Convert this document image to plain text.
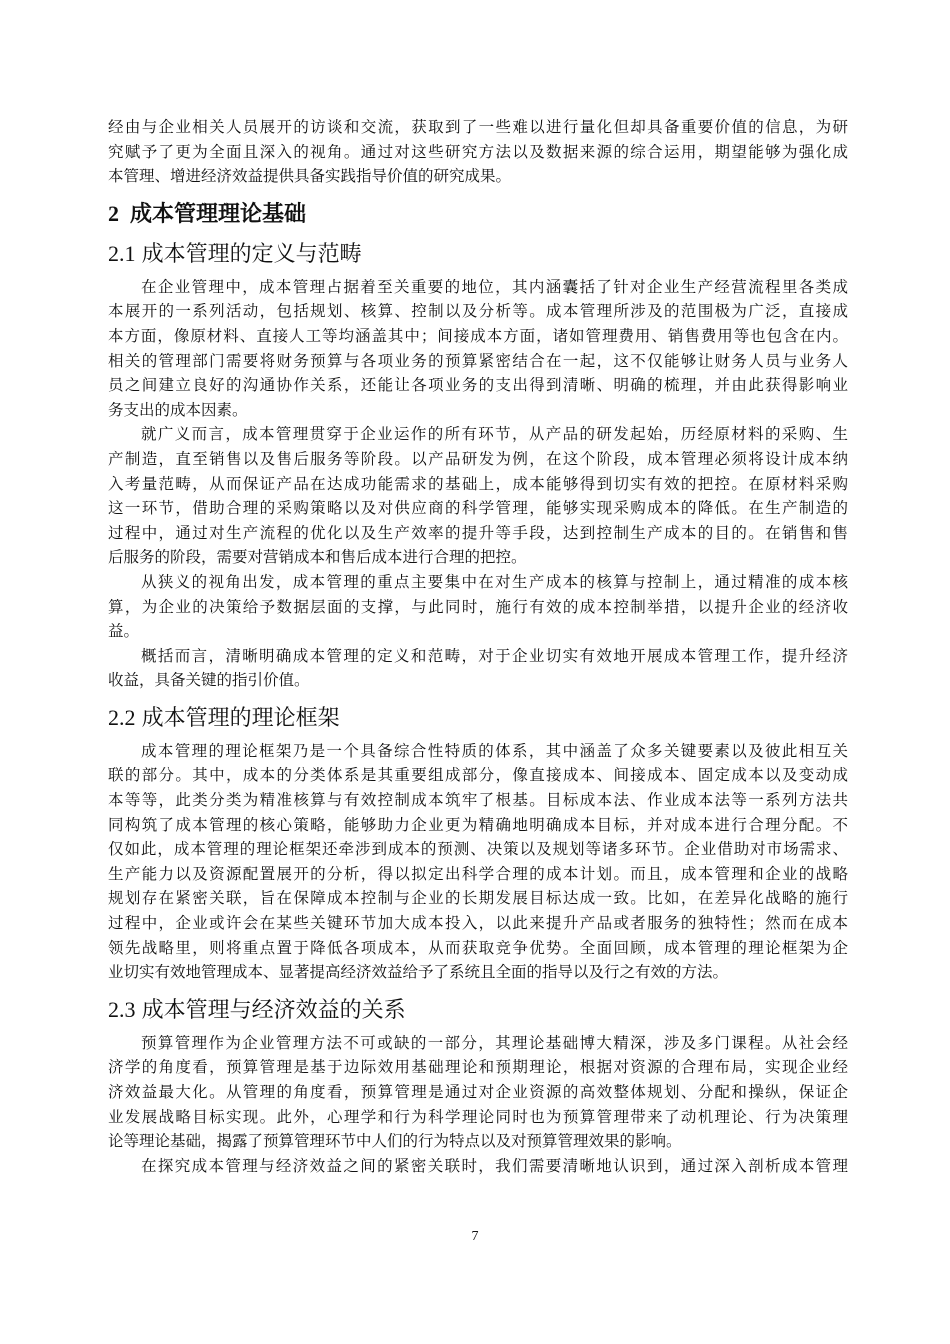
经由与企业相关人员展开的访谈和交流，获取到了一些难以进行量化但却具备重要价值的信息，为研
究赋予了更为全面且深入的视角。通过对这些研究方法以及数据来源的综合运用，期望能够为强化成
本管理、增进经济效益提供具备实践指导价值的研究成果。
2 成本管理理论基础
2.1 成本管理的定义与范畴
在企业管理中，成本管理占据着至关重要的地位，其内涵囊括了针对企业生产经营流程里各类成
本展开的一系列活动，包括规划、核算、控制以及分析等。成本管理所涉及的范围极为广泛，直接成
本方面，像原材料、直接人工等均涵盖其中；间接成本方面，诸如管理费用、销售费用等也包含在内。
相关的管理部门需要将财务预算与各项业务的预算紧密结合在一起，这不仅能够让财务人员与业务人
员之间建立良好的沟通协作关系，还能让各项业务的支出得到清晰、明确的梳理，并由此获得影响业
务支出的成本因素。
就广义而言，成本管理贯穿于企业运作的所有环节，从产品的研发起始，历经原材料的采购、生
产制造，直至销售以及售后服务等阶段。以产品研发为例，在这个阶段，成本管理必须将设计成本纳
入考量范畴，从而保证产品在达成功能需求的基础上，成本能够得到切实有效的把控。在原材料采购
这一环节，借助合理的采购策略以及对供应商的科学管理，能够实现采购成本的降低。在生产制造的
过程中，通过对生产流程的优化以及生产效率的提升等手段，达到控制生产成本的目的。在销售和售
后服务的阶段，需要对营销成本和售后成本进行合理的把控。
从狭义的视角出发，成本管理的重点主要集中在对生产成本的核算与控制上，通过精准的成本核
算，为企业的决策给予数据层面的支撑，与此同时，施行有效的成本控制举措，以提升企业的经济收
益。
概括而言，清晰明确成本管理的定义和范畴，对于企业切实有效地开展成本管理工作，提升经济
收益，具备关键的指引价值。
2.2 成本管理的理论框架
成本管理的理论框架乃是一个具备综合性特质的体系，其中涵盖了众多关键要素以及彼此相互关
联的部分。其中，成本的分类体系是其重要组成部分，像直接成本、间接成本、固定成本以及变动成
本等等，此类分类为精准核算与有效控制成本筑牢了根基。目标成本法、作业成本法等一系列方法共
同构筑了成本管理的核心策略，能够助力企业更为精确地明确成本目标，并对成本进行合理分配。不
仅如此，成本管理的理论框架还牵涉到成本的预测、决策以及规划等诸多环节。企业借助对市场需求、
生产能力以及资源配置展开的分析，得以拟定出科学合理的成本计划。而且，成本管理和企业的战略
规划存在紧密关联，旨在保障成本控制与企业的长期发展目标达成一致。比如，在差异化战略的施行
过程中，企业或许会在某些关键环节加大成本投入，以此来提升产品或者服务的独特性；然而在成本
领先战略里，则将重点置于降低各项成本，从而获取竞争优势。全面回顾，成本管理的理论框架为企
业切实有效地管理成本、显著提高经济效益给予了系统且全面的指导以及行之有效的方法。
2.3 成本管理与经济效益的关系
预算管理作为企业管理方法不可或缺的一部分，其理论基础博大精深，涉及多门课程。从社会经
济学的角度看，预算管理是基于边际效用基础理论和预期理论，根据对资源的合理布局，实现企业经
济效益最大化。从管理的角度看，预算管理是通过对企业资源的高效整体规划、分配和操纵，保证企
业发展战略目标实现。此外，心理学和行为科学理论同时也为预算管理带来了动机理论、行为决策理
论等理论基础，揭露了预算管理环节中人们的行为特点以及对预算管理效果的影响。
在探究成本管理与经济效益之间的紧密关联时，我们需要清晰地认识到，通过深入剖析成本管理
7
